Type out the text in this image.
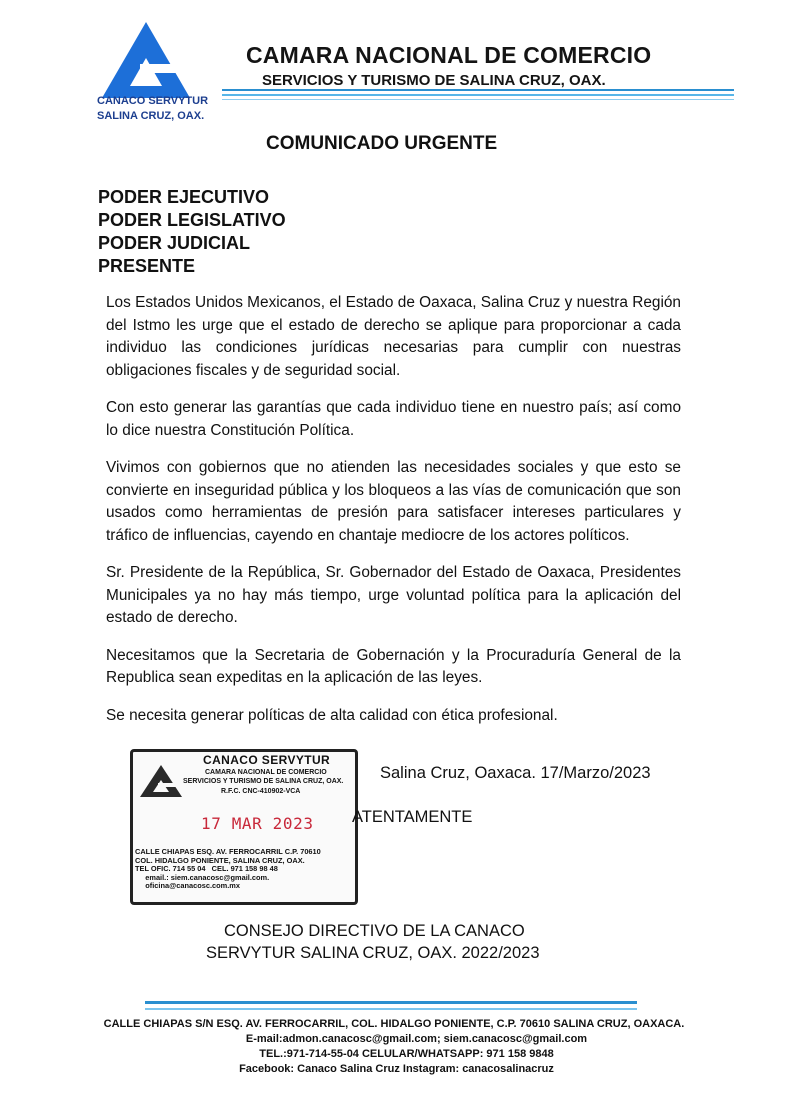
CANACO SERVYTUR
SALINA CRUZ, OAX.
CAMARA NACIONAL DE COMERCIO
SERVICIOS Y TURISMO DE SALINA CRUZ, OAX.
COMUNICADO URGENTE
PODER EJECUTIVO
PODER LEGISLATIVO
PODER JUDICIAL
PRESENTE

Los Estados Unidos Mexicanos, el Estado de Oaxaca, Salina Cruz y nuestra Región del Istmo les urge que el estado de derecho se aplique para proporcionar a cada individuo las condiciones jurídicas necesarias para cumplir con nuestras obligaciones fiscales y de seguridad social.

Con esto generar las garantías que cada individuo tiene en nuestro país; así como lo dice nuestra Constitución Política.

Vivimos con gobiernos que no atienden las necesidades sociales y que esto se convierte en inseguridad pública y los bloqueos a las vías de comunicación que son usados como herramientas de presión para satisfacer intereses particulares y tráfico de influencias, cayendo en chantaje mediocre de los actores políticos.

Sr. Presidente de la República, Sr. Gobernador del Estado de Oaxaca, Presidentes Municipales ya no hay más tiempo, urge voluntad política para la aplicación del estado de derecho.

Necesitamos que la Secretaria de Gobernación y la Procuraduría General de la Republica sean expeditas en la aplicación de las leyes.

Se necesita generar políticas de alta calidad con ética profesional.

CANACO SERVYTUR
CAMARA NACIONAL DE COMERCIO
SERVICIOS Y TURISMO DE SALINA CRUZ, OAX.
R.F.C. CNC-410902-VCA
17 MAR 2023
CALLE CHIAPAS ESQ. AV. FERROCARRIL C.P. 70610
COL. HIDALGO PONIENTE, SALINA CRUZ, OAX.
TEL OFIC. 714 55 04   CEL. 971 158 98 48
email.: siem.canacosc@gmail.com.
oficina@canacosc.com.mx
Salina Cruz, Oaxaca. 17/Marzo/2023
ATENTAMENTE
CONSEJO DIRECTIVO DE LA CANACO
SERVYTUR SALINA CRUZ, OAX. 2022/2023
CALLE CHIAPAS S/N ESQ. AV. FERROCARRIL, COL. HIDALGO PONIENTE, C.P. 70610 SALINA CRUZ, OAXACA.
E-mail:admon.canacosc@gmail.com; siem.canacosc@gmail.com
TEL.:971-714-55-04 CELULAR/WHATSAPP: 971 158 9848
Facebook: Canaco Salina Cruz Instagram: canacosalinacruz
